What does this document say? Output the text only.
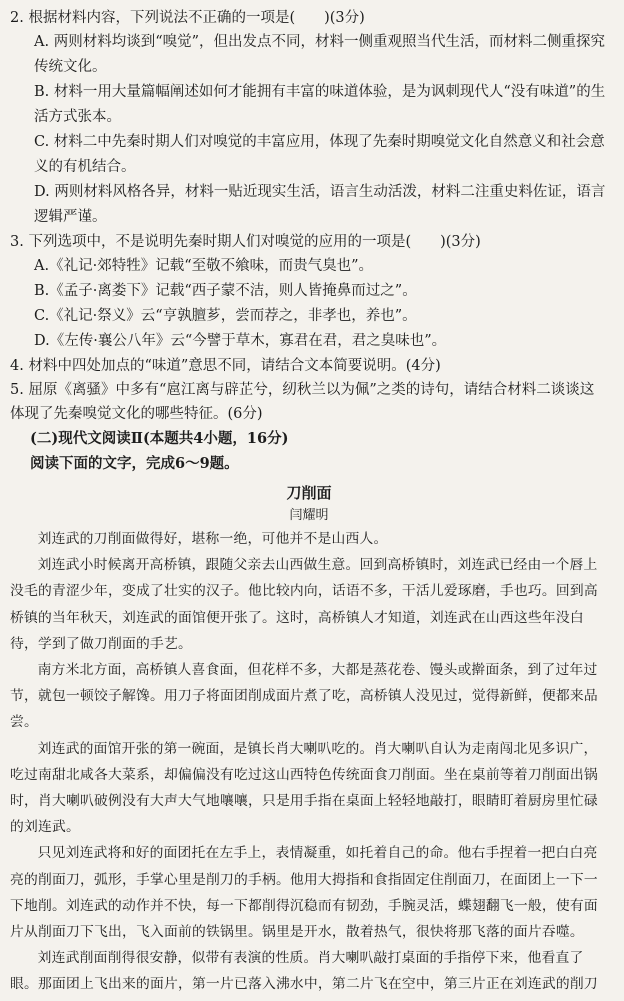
2. 根据材料内容，下列说法不正确的一项是(　　)(3分)

A. 两则材料均谈到“嗅觉”，但出发点不同，材料一侧重观照当代生活，而材料二侧重探究传统文化。
B. 材料一用大量篇幅阐述如何才能拥有丰富的味道体验，是为讽刺现代人“没有味道”的生活方式张本。
C. 材料二中先秦时期人们对嗅觉的丰富应用，体现了先秦时期嗅觉文化自然意义和社会意义的有机结合。
D. 两则材料风格各异，材料一贴近现实生活，语言生动活泼，材料二注重史料佐证，语言逻辑严谨。

3. 下列选项中，不是说明先秦时期人们对嗅觉的应用的一项是(　　)(3分)

A.《礼记·郊特牲》记载“至敬不飨味，而贵气臭也”。
B.《孟子·离娄下》记载“西子蒙不洁，则人皆掩鼻而过之”。
C.《礼记·祭义》云“亨孰膻芗，尝而荐之，非孝也，养也”。
D.《左传·襄公八年》云“今譬于草木，寡君在君，君之臭味也”。

4. 材料中四处加点的“味道”意思不同，请结合文本简要说明。(4分)

5. 屈原《离骚》中多有“扈江离与辟芷兮，纫秋兰以为佩”之类的诗句，请结合材料二谈谈这体现了先秦嗅觉文化的哪些特征。(6分)

(二)现代文阅读Ⅱ(本题共4小题，16分)
阅读下面的文字，完成6～9题。
刀削面
闫耀明

刘连武的刀削面做得好，堪称一绝，可他并不是山西人。

刘连武小时候离开高桥镇，跟随父亲去山西做生意。回到高桥镇时，刘连武已经由一个唇上没毛的青涩少年，变成了壮实的汉子。他比较内向，话语不多，干活儿爱琢磨，手也巧。回到高桥镇的当年秋天，刘连武的面馆便开张了。这时，高桥镇人才知道，刘连武在山西这些年没白待，学到了做刀削面的手艺。

南方米北方面，高桥镇人喜食面，但花样不多，大都是蒸花卷、馒头或擀面条，到了过年过节，就包一顿饺子解馋。用刀子将面团削成面片煮了吃，高桥镇人没见过，觉得新鲜，便都来品尝。

刘连武的面馆开张的第一碗面，是镇长肖大喇叭吃的。肖大喇叭自认为走南闯北见多识广，吃过南甜北咸各大菜系，却偏偏没有吃过这山西特色传统面食刀削面。坐在桌前等着刀削面出锅时，肖大喇叭破例没有大声大气地嚷嚷，只是用手指在桌面上轻轻地敲打，眼睛盯着厨房里忙碌的刘连武。

只见刘连武将和好的面团托在左手上，表情凝重，如托着自己的命。他右手捏着一把白白亮亮的削面刀，弧形，手掌心里是削刀的手柄。他用大拇指和食指固定住削面刀，在面团上一下一下地削。刘连武的动作并不快，每一下都削得沉稳而有韧劲，手腕灵活，蝶翅翻飞一般，使有面片从削面刀下飞出，飞入面前的铁锅里。锅里是开水，散着热气，很快将那飞落的面片吞噬。

刘连武削面削得很安静，似带有表演的性质。肖大喇叭敲打桌面的手指停下来，他看直了眼。那面团上飞出来的面片，第一片已落入沸水中，第二片飞在空中，第三片正在刘连武的削刀
